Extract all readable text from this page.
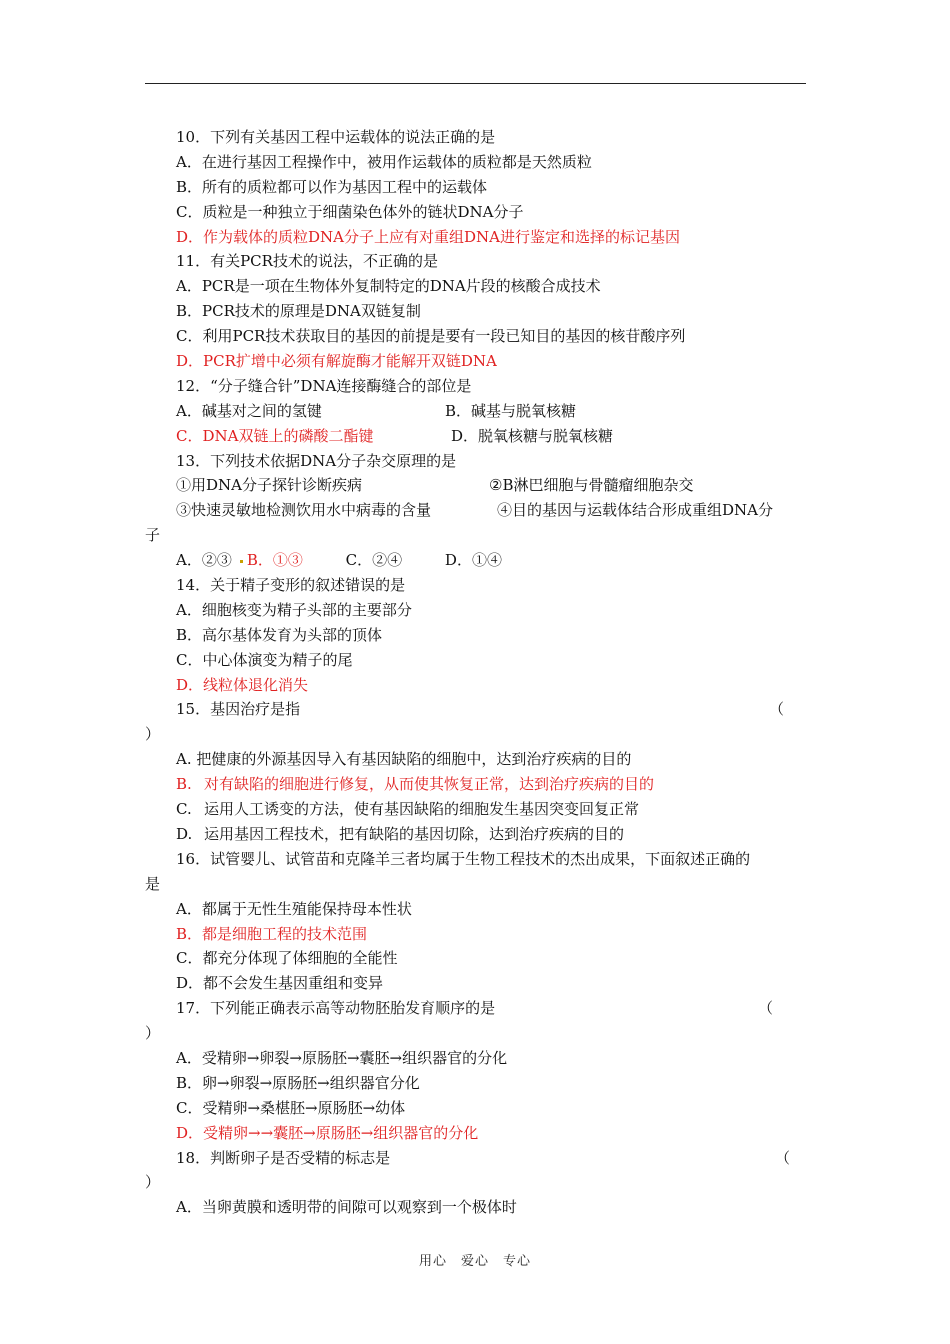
10．下列有关基因工程中运载体的说法正确的是
A．在进行基因工程操作中，被用作运载体的质粒都是天然质粒
B．所有的质粒都可以作为基因工程中的运载体
C．质粒是一种独立于细菌染色体外的链状DNA分子
D．作为载体的质粒DNA分子上应有对重组DNA进行鉴定和选择的标记基因
11．有关PCR技术的说法，不正确的是
A．PCR是一项在生物体外复制特定的DNA片段的核酸合成技术
B．PCR技术的原理是DNA双链复制
C．利用PCR技术获取目的基因的前提是要有一段已知目的基因的核苷酸序列
D．PCR扩增中必须有解旋酶才能解开双链DNA
12．“分子缝合针”DNA连接酶缝合的部位是
A．碱基对之间的氢键	B．碱基与脱氧核糖
C．DNA双链上的磷酸二酯键	D．脱氧核糖与脱氧核糖
13．下列技术依据DNA分子杂交原理的是
①用DNA分子探针诊断疾病	②B淋巴细胞与骨髓瘤细胞杂交
③快速灵敏地检测饮用水中病毒的含量	④目的基因与运载体结合形成重组DNA分
子
A．②③ B．①③	C．②④	D．①④
14．关于精子变形的叙述错误的是
A．细胞核变为精子头部的主要部分
B．高尔基体发育为头部的顶体
C．中心体演变为精子的尾
D．线粒体退化消失
15．基因治疗是指	（
）
A. 把健康的外源基因导入有基因缺陷的细胞中，达到治疗疾病的目的
B. 对有缺陷的细胞进行修复，从而使其恢复正常，达到治疗疾病的目的
C. 运用人工诱变的方法，使有基因缺陷的细胞发生基因突变回复正常
D. 运用基因工程技术，把有缺陷的基因切除，达到治疗疾病的目的
16．试管婴儿、试管苗和克隆羊三者均属于生物工程技术的杰出成果，下面叙述正确的
是
A．都属于无性生殖能保持母本性状
B．都是细胞工程的技术范围
C．都充分体现了体细胞的全能性
D．都不会发生基因重组和变异
17．下列能正确表示高等动物胚胎发育顺序的是	（
）
A．受精卵→卵裂→原肠胚→囊胚→组织器官的分化
B．卵→卵裂→原肠胚→组织器官分化
C．受精卵→桑椹胚→原肠胚→幼体
D．受精卵→→囊胚→原肠胚→组织器官的分化
18．判断卵子是否受精的标志是	（
）
A．当卵黄膜和透明带的间隙可以观察到一个极体时
用心　爱心　专心
